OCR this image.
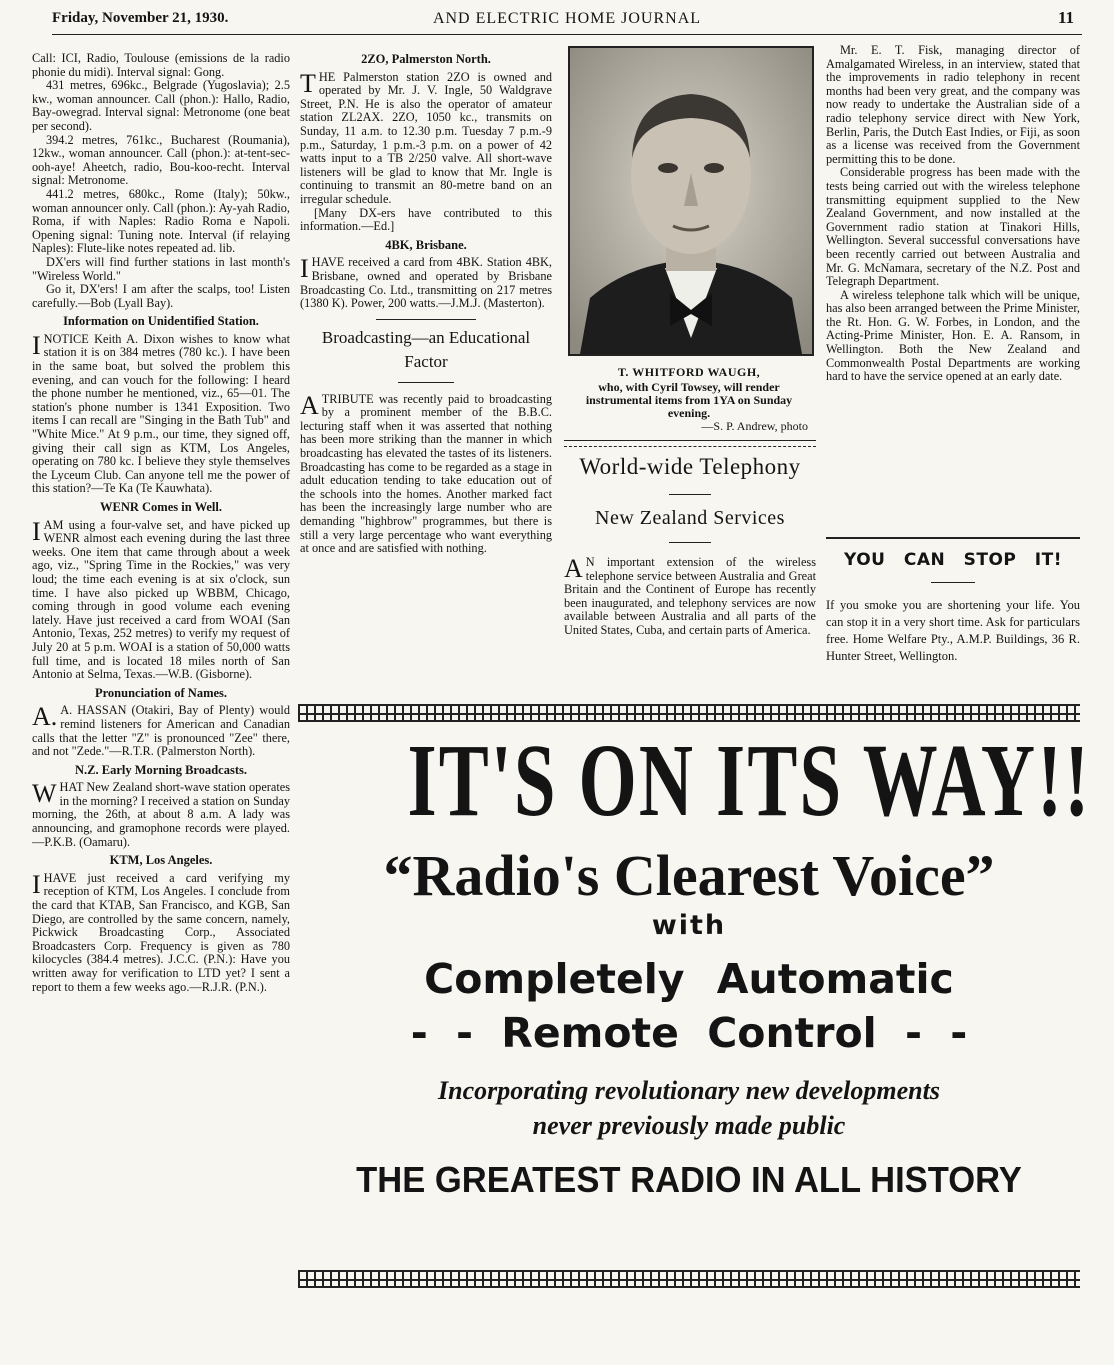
Friday, November 21, 1930.	AND ELECTRIC HOME JOURNAL	11

Call: ICI, Radio, Toulouse (emissions de la radio phonie du midi). Interval signal: Gong.

431 metres, 696kc., Belgrade (Yugoslavia); 2.5 kw., woman announcer. Call (phon.): Hallo, Radio, Bay-owegrad. Interval signal: Metronome (one beat per second).

394.2 metres, 761kc., Bucharest (Roumania), 12kw., woman announcer. Call (phon.): at-tent-sec-ooh-aye! Aheetch, radio, Bou-koo-recht. Interval signal: Metronome.

441.2 metres, 680kc., Rome (Italy); 50kw., woman announcer only. Call (phon.): Ay-yah Radio, Roma, if with Naples: Radio Roma e Napoli. Opening signal: Tuning note. Interval (if relaying Naples): Flute-like notes repeated ad. lib.

DX'ers will find further stations in last month's "Wireless World."

Go it, DX'ers! I am after the scalps, too! Listen carefully.—Bob (Lyall Bay).

Information on Unidentified Station.

INOTICE Keith A. Dixon wishes to know what station it is on 384 metres (780 kc.). I have been in the same boat, but solved the problem this evening, and can vouch for the following: I heard the phone number he mentioned, viz., 65—01. The station's phone number is 1341 Exposition. Two items I can recall are "Singing in the Bath Tub" and "White Mice." At 9 p.m., our time, they signed off, giving their call sign as KTM, Los Angeles, operating on 780 kc. I believe they style themselves the Lyceum Club. Can anyone tell me the power of this station?—Te Ka (Te Kauwhata).

WENR Comes in Well.

IAM using a four-valve set, and have picked up WENR almost each evening during the last three weeks. One item that came through about a week ago, viz., "Spring Time in the Rockies," was very loud; the time each evening is at six o'clock, sun time. I have also picked up WBBM, Chicago, coming through in good volume each evening lately. Have just received a card from WOAI (San Antonio, Texas, 252 metres) to verify my request of July 20 at 5 p.m. WOAI is a station of 50,000 watts full time, and is located 18 miles north of San Antonio at Selma, Texas.—W.B. (Gisborne).

Pronunciation of Names.

A. A. HASSAN (Otakiri, Bay of Plenty) would remind listeners for American and Canadian calls that the letter "Z" is pronounced "Zee" there, and not "Zede."—R.T.R. (Palmerston North).

N.Z. Early Morning Broadcasts.

WHAT New Zealand short-wave station operates in the morning? I received a station on Sunday morning, the 26th, at about 8 a.m. A lady was announcing, and gramophone records were played.—P.K.B. (Oamaru).

KTM, Los Angeles.

IHAVE just received a card verifying my reception of KTM, Los Angeles. I conclude from the card that KTAB, San Francisco, and KGB, San Diego, are controlled by the same concern, namely, Pickwick Broadcasting Corp., Associated Broadcasters Corp. Frequency is given as 780 kilocycles (384.4 metres). J.C.C. (P.N.): Have you written away for verification to LTD yet? I sent a report to them a few weeks ago.—R.J.R. (P.N.).

2ZO, Palmerston North.

THE Palmerston station 2ZO is owned and operated by Mr. J. V. Ingle, 50 Waldgrave Street, P.N. He is also the operator of amateur station ZL2AX. 2ZO, 1050 kc., transmits on Sunday, 11 a.m. to 12.30 p.m. Tuesday 7 p.m.-9 p.m., Saturday, 1 p.m.-3 p.m. on a power of 42 watts input to a TB 2/250 valve. All short-wave listeners will be glad to know that Mr. Ingle is continuing to transmit an 80-metre band on an irregular schedule.

[Many DX-ers have contributed to this information.—Ed.]

4BK, Brisbane.

IHAVE received a card from 4BK. Station 4BK, Brisbane, owned and operated by Brisbane Broadcasting Co. Ltd., transmitting on 217 metres (1380 K). Power, 200 watts.—J.M.J. (Masterton).

Broadcasting—an Educational
Factor

ATRIBUTE was recently paid to broadcasting by a prominent member of the B.B.C. lecturing staff when it was asserted that nothing has been more striking than the manner in which broadcasting has elevated the tastes of its listeners. Broadcasting has come to be regarded as a stage in adult education tending to take education out of the schools into the homes. Another marked fact has been the increasingly large number who are demanding "highbrow" programmes, but there is still a very large percentage who want everything at once and are satisfied with nothing.

T. WHITFORD WAUGH,
who, with Cyril Towsey, will render instrumental items from 1YA on Sunday evening.
—S. P. Andrew, photo
World-wide Telephony
New Zealand Services

A N important extension of the wireless telephone service between Australia and Great Britain and the Continent of Europe has recently been inaugurated, and telephony services are now available between Australia and all parts of the United States, Cuba, and certain parts of America.

Mr. E. T. Fisk, managing director of Amalgamated Wireless, in an interview, stated that the improvements in radio telephony in recent months had been very great, and the company was now ready to undertake the Australian side of a radio telephony service direct with New York, Berlin, Paris, the Dutch East Indies, or Fiji, as soon as a license was received from the Government permitting this to be done.

Considerable progress has been made with the tests being carried out with the wireless telephone transmitting equipment supplied to the New Zealand Government, and now installed at the Government radio station at Tinakori Hills, Wellington. Several successful conversations have been recently carried out between Australia and Mr. G. McNamara, secretary of the N.Z. Post and Telegraph Department.

A wireless telephone talk which will be unique, has also been arranged between the Prime Minister, the Rt. Hon. G. W. Forbes, in London, and the Acting-Prime Minister, Hon. E. A. Ransom, in Wellington. Both the New Zealand and Commonwealth Postal Departments are working hard to have the service opened at an early date.

YOU CAN STOP IT!
If you smoke you are shortening your life. You can stop it in a very short time. Ask for particulars free. Home Welfare Pty., A.M.P. Buildings, 36 R. Hunter Street, Wellington.
IT'S ON ITS WAY!!
“Radio's Clearest Voice”
with
Completely Automatic
- - Remote Control - -
Incorporating revolutionary new developments
never previously made public
THE GREATEST RADIO IN ALL HISTORY
